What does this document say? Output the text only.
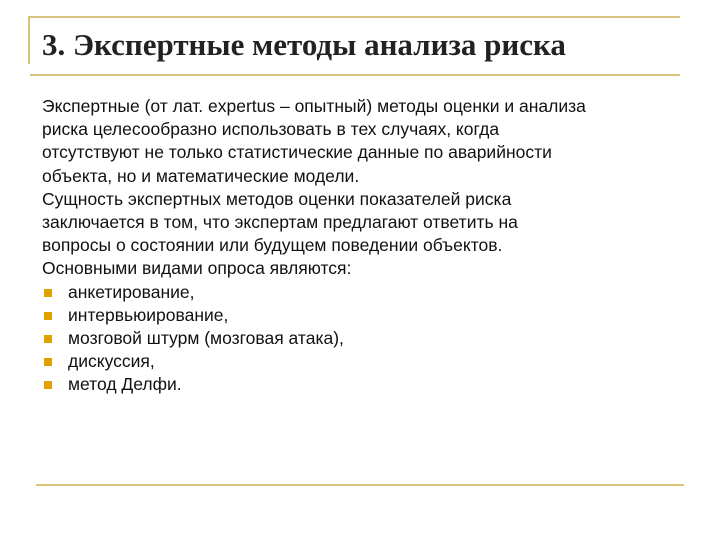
3. Экспертные методы анализа риска

Экспертные (от лат. expertus – опытный) методы оценки и анализа
риска целесообразно использовать в тех случаях, когда
отсутствуют не только статистические данные по аварийности
объекта, но и математические модели.

Сущность экспертных методов оценки показателей риска
заключается в том, что экспертам предлагают ответить на
вопросы о состоянии или будущем поведении объектов.

Основными видами опроса являются:

анкетирование,
интервьюирование,
мозговой штурм (мозговая атака),
дискуссия,
метод Делфи.
